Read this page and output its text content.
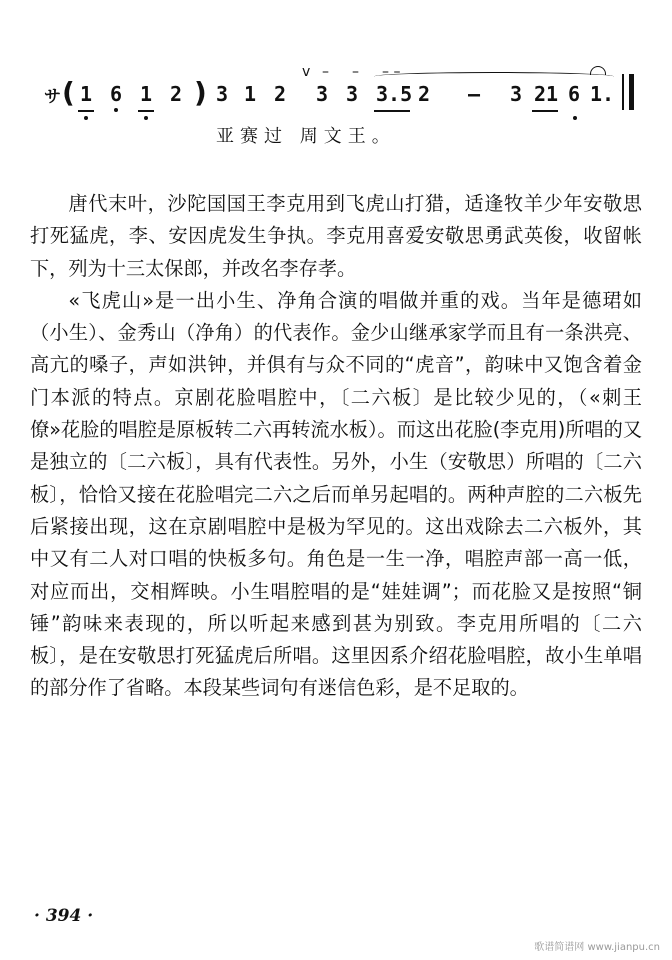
サ ( 1 6 1 2 ) 3 1 2
v
3
–
3
–
3.5
– –
2 – 3 21 6 1.
亚赛过 周文王。

唐代末叶，沙陀国国王李克用到飞虎山打猎，适逢牧羊少年安敬思打死猛虎，李、安因虎发生争执。李克用喜爱安敬思勇武英俊，收留帐下，列为十三太保郎，并改名李存孝。

«飞虎山»是一出小生、净角合演的唱做并重的戏。当年是德珺如（小生）、金秀山（净角）的代表作。金少山继承家学而且有一条洪亮、高亢的嗓子，声如洪钟，并俱有与众不同的“虎音”，韵味中又饱含着金门本派的特点。京剧花脸唱腔中，〔二六板〕是比较少见的，（«刺王僚»花脸的唱腔是原板转二六再转流水板）。而这出花脸(李克用)所唱的又是独立的〔二六板〕，具有代表性。另外，小生（安敬思）所唱的〔二六板〕，恰恰又接在花脸唱完二六之后而单另起唱的。两种声腔的二六板先后紧接出现，这在京剧唱腔中是极为罕见的。这出戏除去二六板外，其中又有二人对口唱的快板多句。角色是一生一净，唱腔声部一高一低，对应而出，交相辉映。小生唱腔唱的是“娃娃调”；而花脸又是按照“铜锤”韵味来表现的，所以听起来感到甚为别致。李克用所唱的〔二六板〕，是在安敬思打死猛虎后所唱。这里因系介绍花脸唱腔，故小生单唱的部分作了省略。本段某些词句有迷信色彩，是不足取的。

· 394 ·
歌谱简谱网 www.jianpu.cn
